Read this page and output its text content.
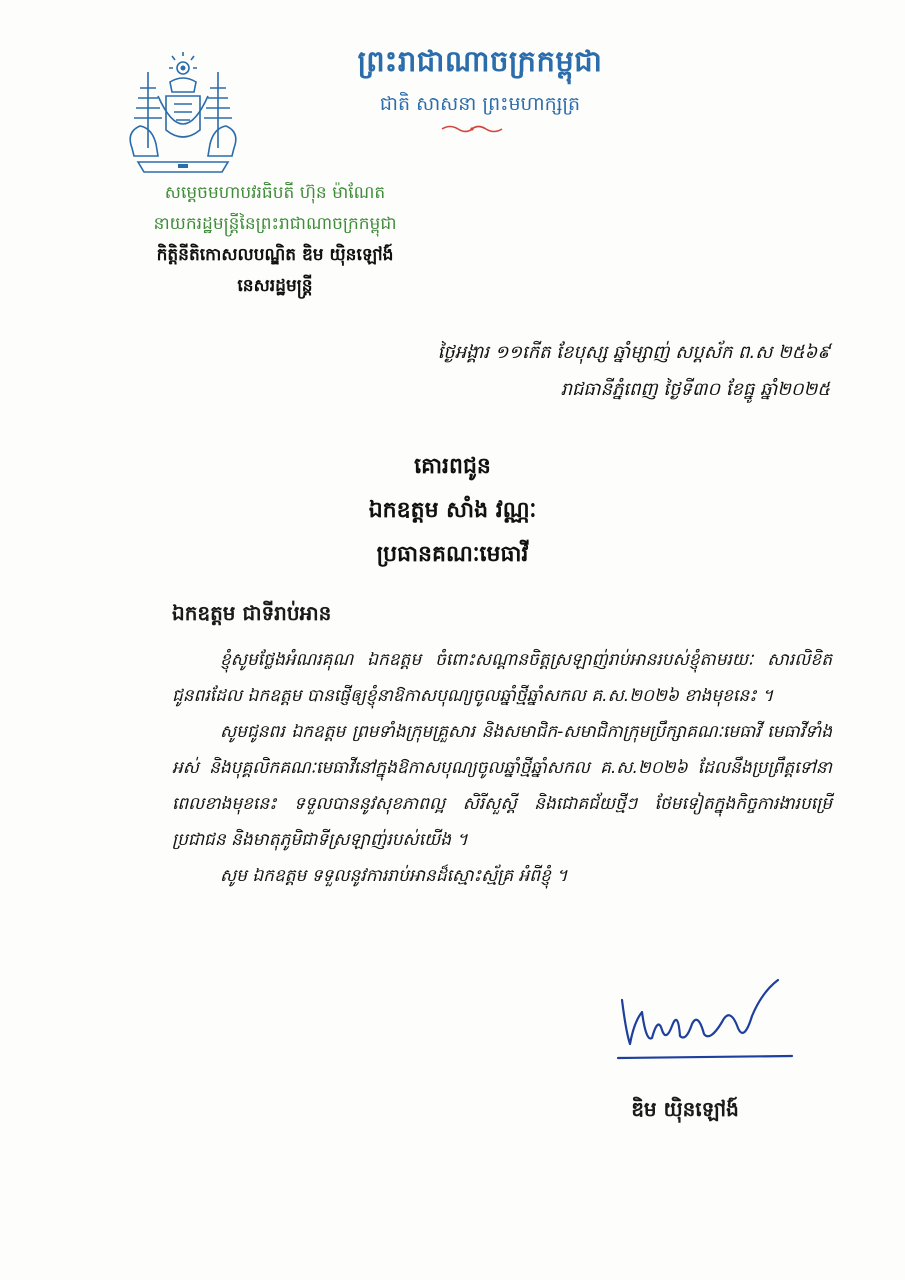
ព្រះរាជាណាចក្រកម្ពុជា
ជាតិ សាសនា ព្រះមហាក្សត្រ
សម្តេចមហាបវរធិបតី ហ៊ុន ម៉ាណែត
នាយករដ្ឋមន្ត្រីនៃព្រះរាជាណាចក្រកម្ពុជា
កិត្តិនីតិកោសលបណ្ឌិត ឌិម យ៉ិនឡៅង៍
នេសរដ្ឋមន្ត្រី
ថ្ងៃអង្គារ ១១កើត ខែបុស្ស ឆ្នាំម្សាញ់ សប្តស័ក ព.ស ២៥៦៩
រាជធានីភ្នំពេញ ថ្ងៃទី៣០ ខែធ្នូ ឆ្នាំ២០២៥
គោរពជូន
ឯកឧត្តម សាំង វណ្ណៈ
ប្រធានគណៈមេធាវី
ឯកឧត្តម ជាទីរាប់អាន

ខ្ញុំសូមថ្លែងអំណរគុណ ឯកឧត្តម ចំពោះសណ្តានចិត្តស្រឡាញ់រាប់អានរបស់ខ្ញុំតាមរយៈ សារលិខិតជូនពរដែល ឯកឧត្តម បានផ្ញើឲ្យខ្ញុំនាឱកាសបុណ្យចូលឆ្នាំថ្មីឆ្នាំសកល គ.ស.២០២៦ ខាងមុខនេះ ។

សូមជូនពរ ឯកឧត្តម ព្រមទាំងក្រុមគ្រួសារ និងសមាជិក-សមាជិកាក្រុមប្រឹក្សាគណៈមេធាវី មេធាវីទាំងអស់ និងបុគ្គលិកគណៈមេធាវីនៅក្នុងឱកាសបុណ្យចូលឆ្នាំថ្មីឆ្នាំសកល គ.ស.២០២៦ ដែលនឹងប្រព្រឹត្តទៅនាពេលខាងមុខនេះ ទទួលបាននូវសុខភាពល្អ សិរីសួស្តី និងជោគជ័យថ្មីៗ ថែមទៀតក្នុងកិច្ចការងារបម្រើប្រជាជន និងមាតុភូមិជាទីស្រឡាញ់របស់យើង ។

សូម ឯកឧត្តម ទទួលនូវការរាប់អានដ៏ស្មោះស្ម័គ្រ អំពីខ្ញុំ ។

ឌិម យ៉ិនឡៅង៍
